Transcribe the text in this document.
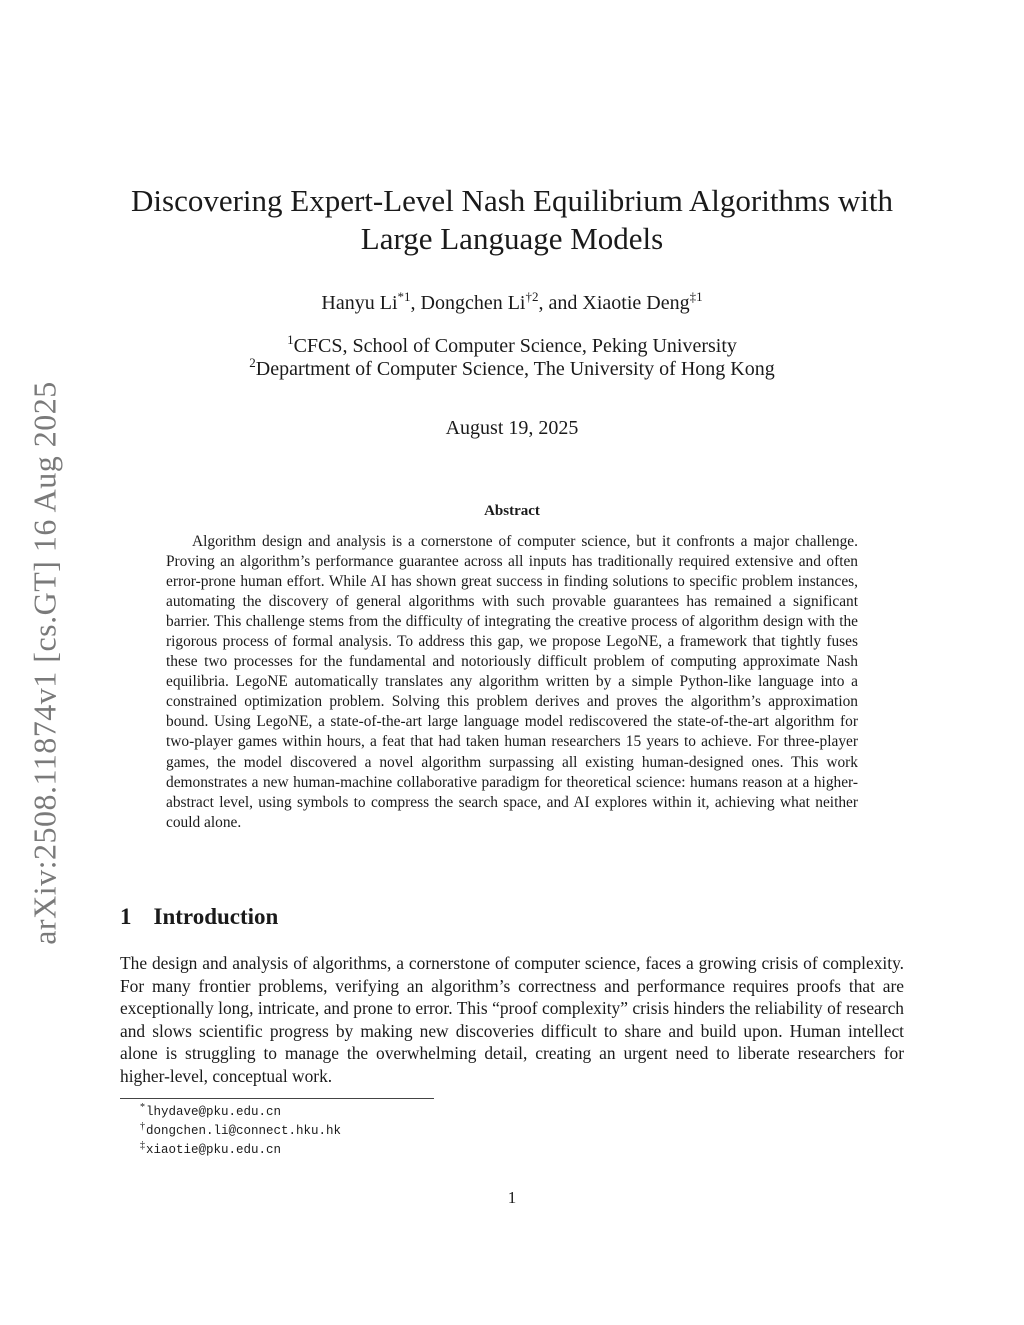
arXiv:2508.11874v1 [cs.GT] 16 Aug 2025
Discovering Expert-Level Nash Equilibrium Algorithms with
Large Language Models
Hanyu Li$^{*1}$, Dongchen Li$^{\dagger 2}$, and Xiaotie Deng$^{\ddagger 1}$
$^1$CFCS, School of Computer Science, Peking University
$^2$Department of Computer Science, The University of Hong Kong
August 19, 2025
Abstract

Algorithm design and analysis is a cornerstone of computer science, but it confronts a major challenge. Proving an algorithm’s performance guarantee across all inputs has traditionally required extensive and often error-prone human effort. While AI has shown great success in finding solutions to specific problem instances, automating the discovery of general algorithms with such provable guarantees has remained a significant barrier. This challenge stems from the difficulty of integrating the creative process of algorithm design with the rigorous process of formal analysis. To address this gap, we propose LegoNE, a framework that tightly fuses these two processes for the fundamental and notoriously difficult problem of computing approximate Nash equilibria. LegoNE automatically translates any algorithm written by a simple Python-like language into a constrained optimization problem. Solving this problem derives and proves the algorithm’s approximation bound. Using LegoNE, a state-of-the-art large language model rediscovered the state-of-the-art algorithm for two-player games within hours, a feat that had taken human researchers 15 years to achieve. For three-player games, the model discovered a novel algorithm surpassing all existing human-designed ones. This work demonstrates a new human-machine collaborative paradigm for theoretical science: humans reason at a higher-abstract level, using symbols to compress the search space, and AI explores within it, achieving what neither could alone.

1 Introduction

The design and analysis of algorithms, a cornerstone of computer science, faces a growing crisis of complexity. For many frontier problems, verifying an algorithm’s correctness and performance requires proofs that are exceptionally long, intricate, and prone to error. This “proof complexity” crisis hinders the reliability of research and slows scientific progress by making new discoveries difficult to share and build upon. Human intellect alone is struggling to manage the overwhelming detail, creating an urgent need to liberate researchers for higher-level, conceptual work.

*lhydave@pku.edu.cn
†dongchen.li@connect.hku.hk
‡xiaotie@pku.edu.cn
1
